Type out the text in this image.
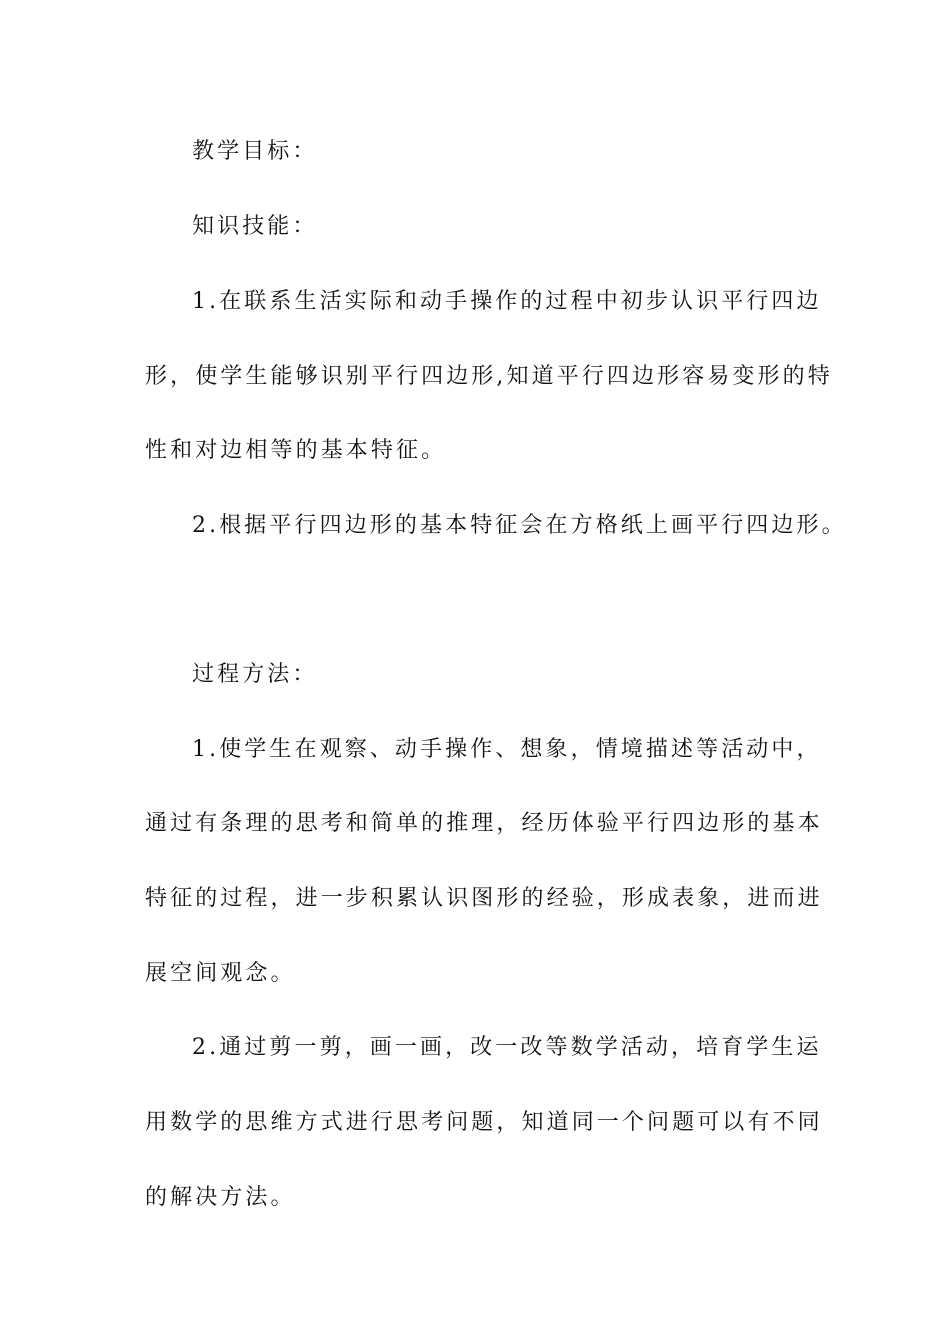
教学目标：
知识技能：
1.在联系生活实际和动手操作的过程中初步认识平行四边
形，使学生能够识别平行四边形,知道平行四边形容易变形的特
性和对边相等的基本特征。
2.根据平行四边形的基本特征会在方格纸上画平行四边形。
过程方法：
1.使学生在观察、动手操作、想象，情境描述等活动中，
通过有条理的思考和简单的推理，经历体验平行四边形的基本
特征的过程，进一步积累认识图形的经验，形成表象，进而进
展空间观念。
2.通过剪一剪，画一画，改一改等数学活动，培育学生运
用数学的思维方式进行思考问题，知道同一个问题可以有不同
的解决方法。
